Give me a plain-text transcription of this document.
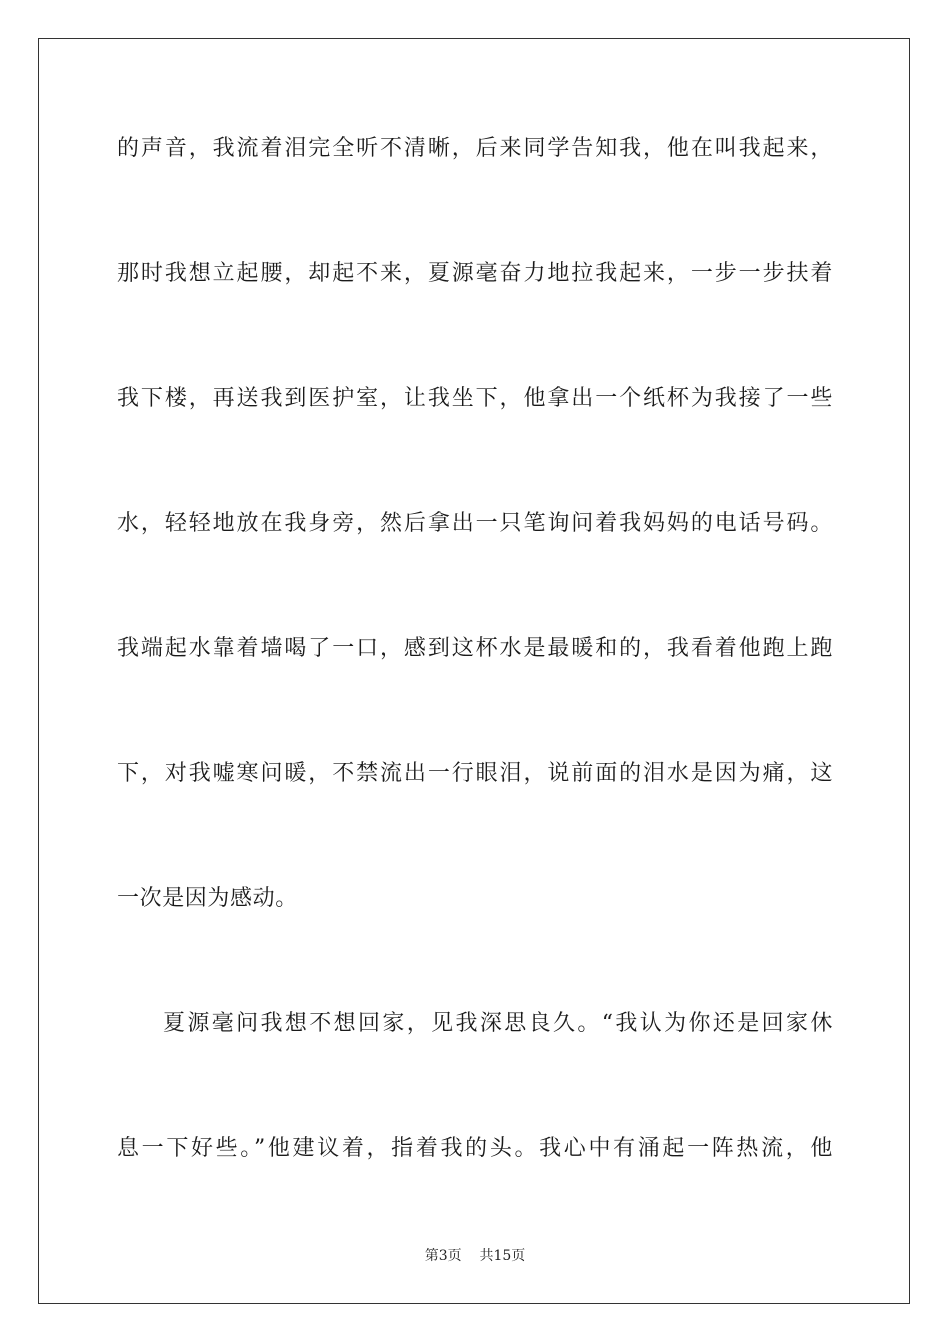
的声音，我流着泪完全听不清晰，后来同学告知我，他在叫我起来，
那时我想立起腰，却起不来，夏源毫奋力地拉我起来，一步一步扶着
我下楼，再送我到医护室，让我坐下，他拿出一个纸杯为我接了一些
水，轻轻地放在我身旁，然后拿出一只笔询问着我妈妈的电话号码。
我端起水靠着墙喝了一口，感到这杯水是最暖和的，我看着他跑上跑
下，对我嘘寒问暖，不禁流出一行眼泪，说前面的泪水是因为痛，这
一次是因为感动。
夏源毫问我想不想回家，见我深思良久。“我认为你还是回家休
息一下好些。”他建议着，指着我的头。我心中有涌起一阵热流，他
第3页 共15页
